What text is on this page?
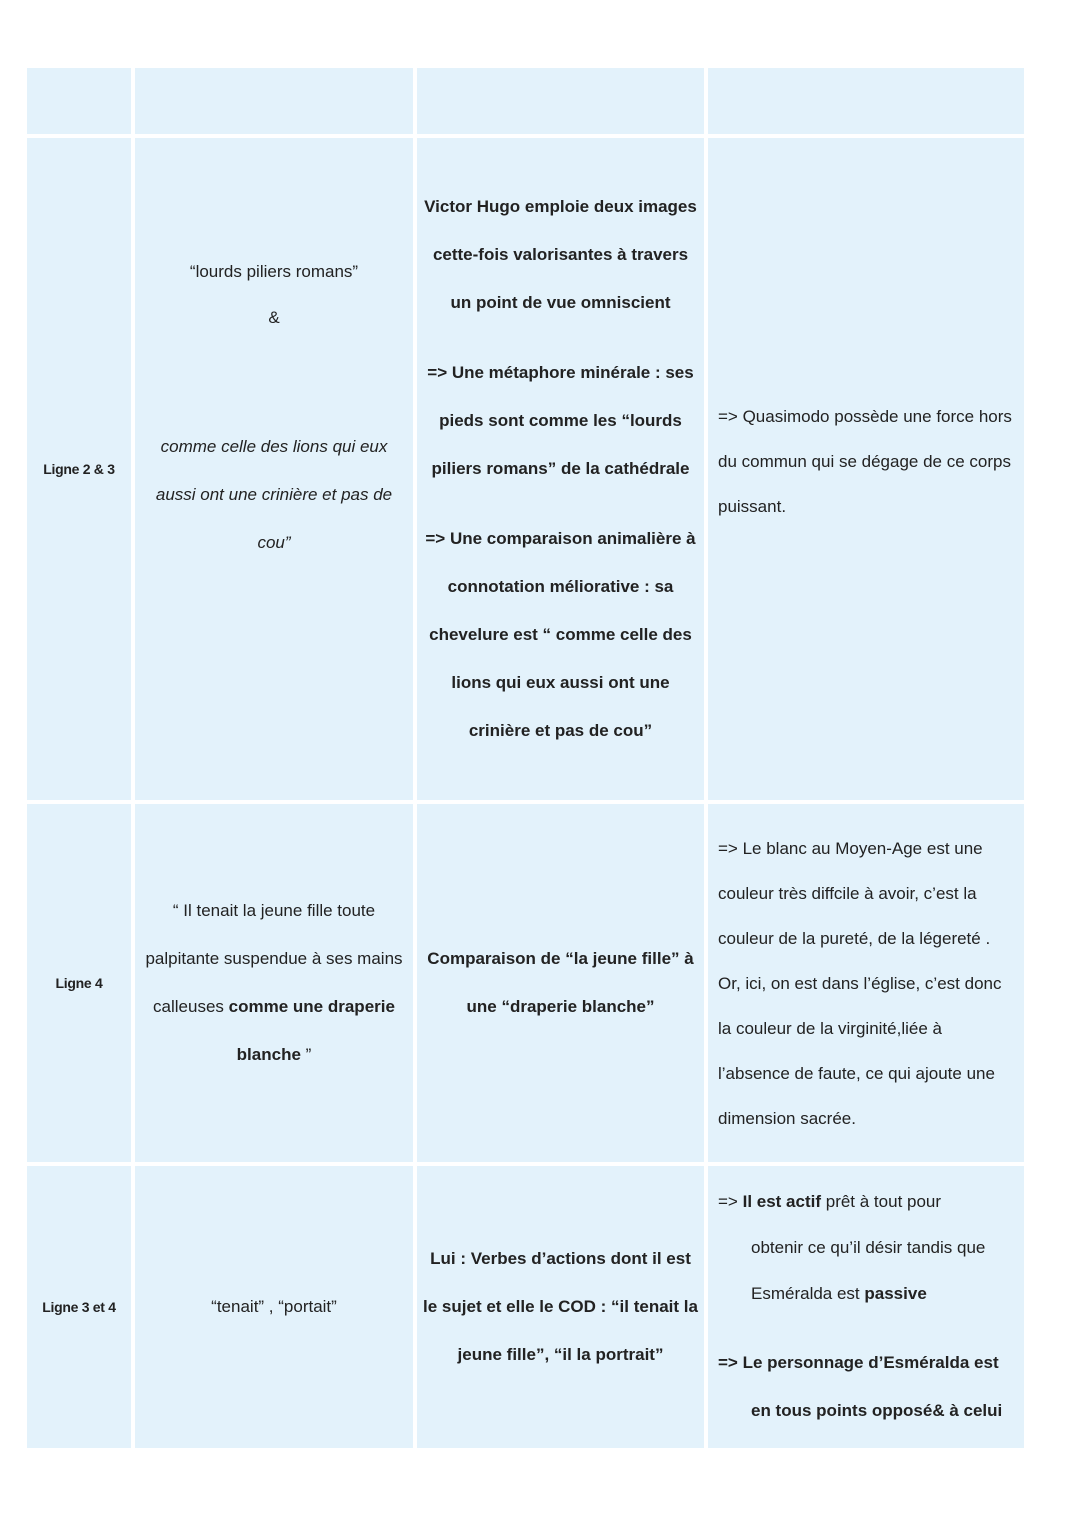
Ligne 2 & 3

“lourds piliers romans”

&

comme celle des lions qui eux aussi ont une crinière et pas de cou”

Victor Hugo emploie deux images cette-fois valorisantes à travers un point de vue omniscient

=> Une métaphore minérale : ses pieds sont comme les “lourds piliers romans” de la cathédrale

=> Une comparaison animalière à connotation méliorative : sa chevelure est “ comme celle des lions qui eux aussi ont une crinière et pas de cou”

=> Quasimodo possède une force hors du commun qui se dégage de ce corps puissant.

Ligne 4

“ Il tenait la jeune fille toute palpitante suspendue à ses mains calleuses comme une draperie blanche ”

Comparaison de “la jeune fille” à une “draperie blanche”

=> Le blanc au Moyen-Age est une couleur très diffcile à avoir, c’est la couleur de la pureté, de la légereté . Or, ici, on est dans l’église, c’est donc la couleur de la virginité,liée à l’absence de faute, ce qui ajoute une dimension sacrée.

Ligne 3 et 4	“tenait” , “portait”

Lui : Verbes d’actions dont il est le sujet et elle le COD : “il tenait la jeune fille”, “il la portrait”

=> Il est actif prêt à tout pour

obtenir ce qu’il désir tandis que

Esméralda est passive

=> Le personnage d’Esméralda est

en tous points opposé& à celui
